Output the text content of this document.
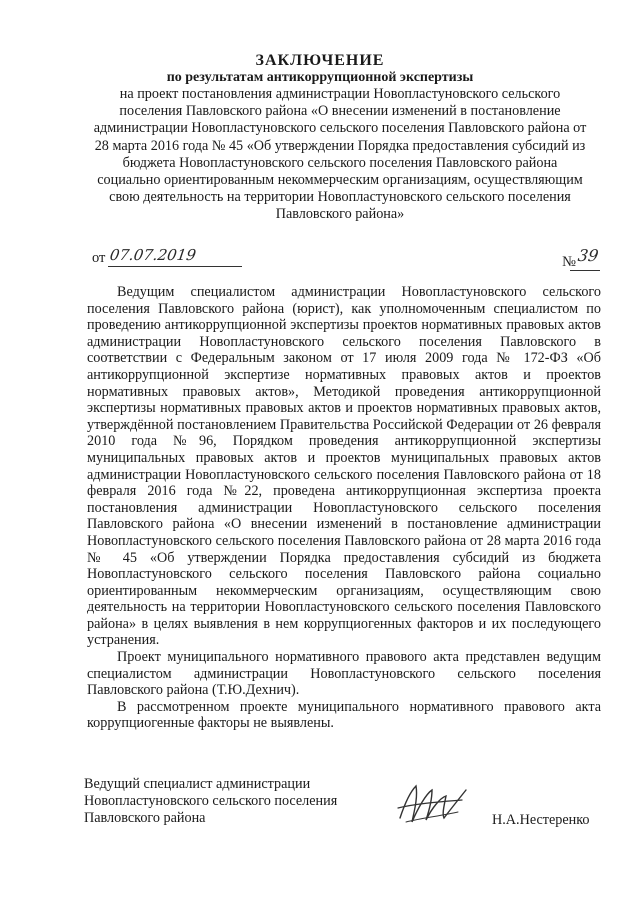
ЗАКЛЮЧЕНИЕ
по результатам антикоррупционной экспертизы
на проект постановления администрации Новопластуновского сельского поселения Павловского района «О внесении изменений в постановление администрации Новопластуновского сельского поселения Павловского района от 28 марта 2016 года № 45 «Об утверждении Порядка предоставления субсидий из бюджета Новопластуновского сельского поселения Павловского района социально ориентированным некоммерческим организациям, осуществляющим свою деятельность на территории Новопластуновского сельского поселения Павловского района»
от 07.07.2019	№ 39

Ведущим специалистом администрации Новопластуновского сельского поселения Павловского района (юрист), как уполномоченным специалистом по проведению антикоррупционной экспертизы проектов нормативных правовых актов администрации Новопластуновского сельского поселения Павловского в соответствии с Федеральным законом от 17 июля 2009 года № 172-ФЗ «Об антикоррупционной экспертизе нормативных правовых актов и проектов нормативных правовых актов», Методикой проведения антикоррупционной экспертизы нормативных правовых актов и проектов нормативных правовых актов, утверждённой постановлением Правительства Российской Федерации от 26 февраля 2010 года №96, Порядком проведения антикоррупционной экспертизы муниципальных правовых актов и проектов муниципальных правовых актов администрации Новопластуновского сельского поселения Павловского района от 18 февраля 2016 года №22, проведена антикоррупционная экспертиза проекта постановления администрации Новопластуновского сельского поселения Павловского района «О внесении изменений в постановление администрации Новопластуновского сельского поселения Павловского района от 28 марта 2016 года № 45 «Об утверждении Порядка предоставления субсидий из бюджета Новопластуновского сельского поселения Павловского района социально ориентированным некоммерческим организациям, осуществляющим свою деятельность на территории Новопластуновского сельского поселения Павловского района» в целях выявления в нем коррупциогенных факторов и их последующего устранения.

Проект муниципального нормативного правового акта представлен ведущим специалистом администрации Новопластуновского сельского поселения Павловского района (Т.Ю.Дехнич).

В рассмотренном проекте муниципального нормативного правового акта коррупциогенные факторы не выявлены.

Ведущий специалист администрации
Новопластуновского сельского поселения
Павловского района	Н.А.Нестеренко
